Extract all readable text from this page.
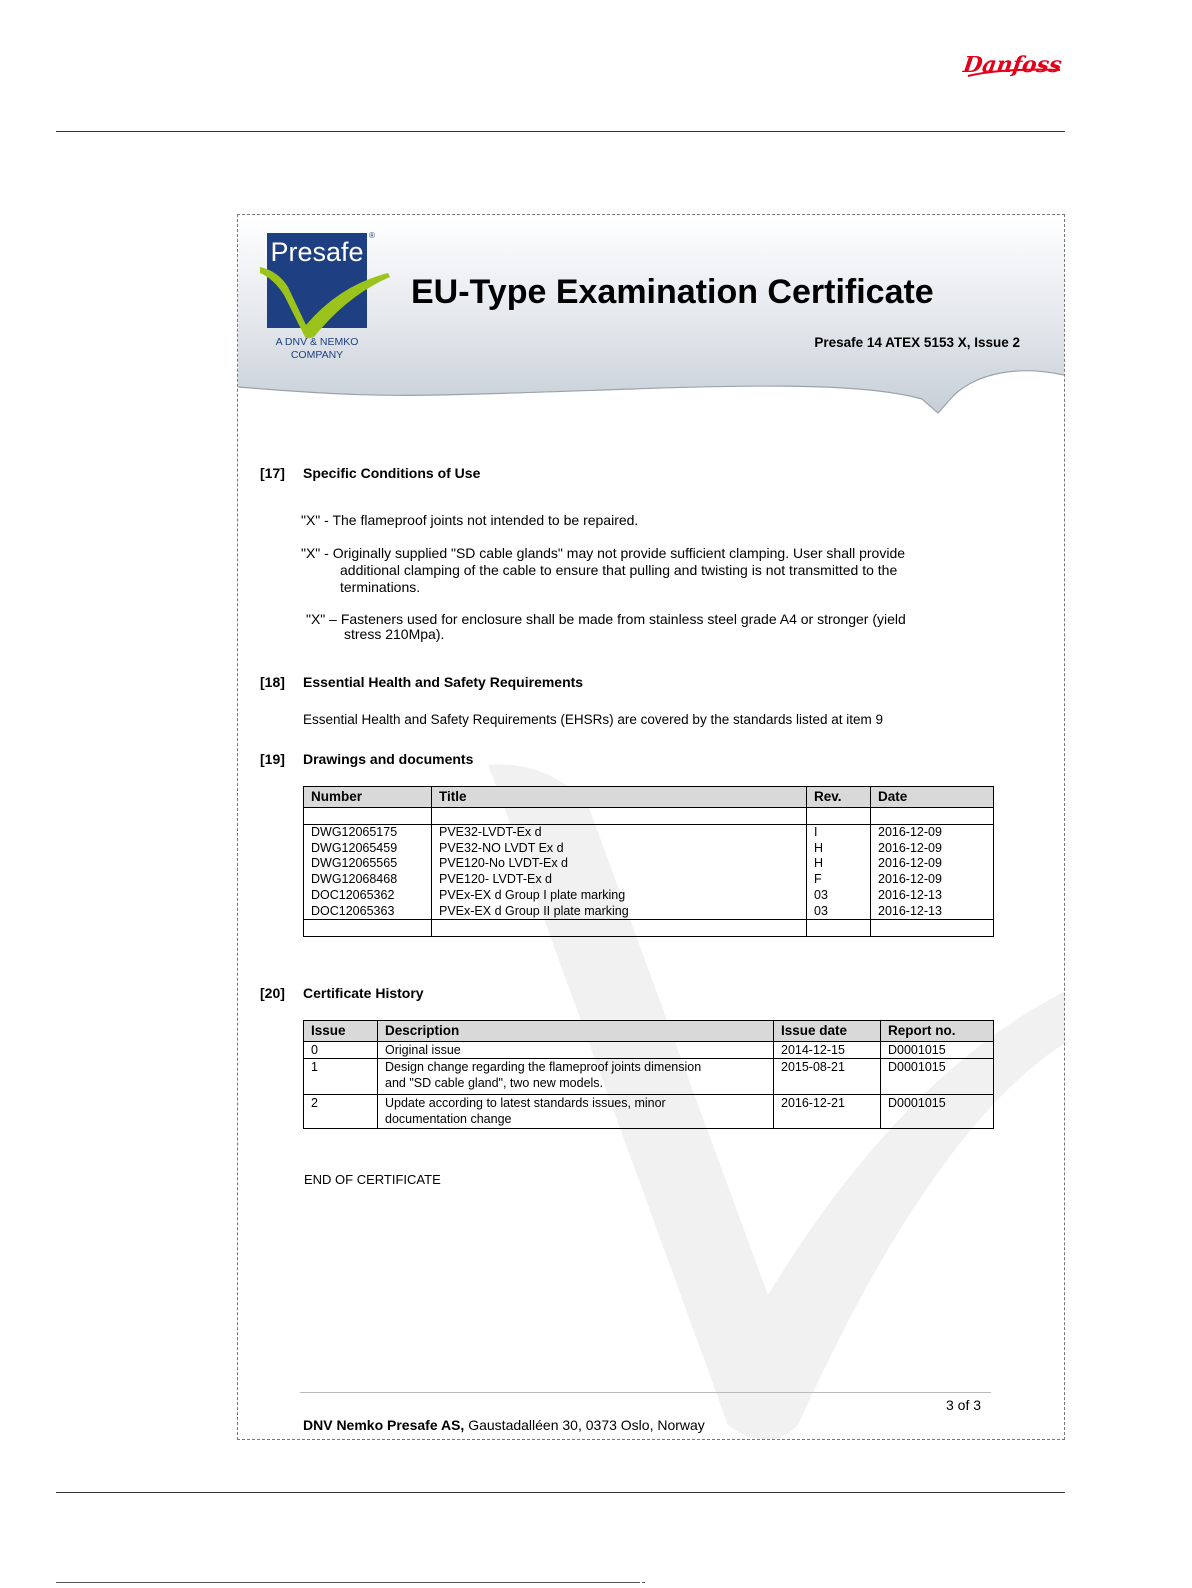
Danfoss
Presafe
®
A DNV & NEMKO
COMPANY
EU-Type Examination Certificate
Presafe 14 ATEX 5153 X, Issue 2
[17] Specific Conditions of Use
"X" - The flameproof joints not intended to be repaired.
"X" - Originally supplied "SD cable glands" may not provide sufficient clamping. User shall provide
additional clamping of the cable to ensure that pulling and twisting is not transmitted to the
terminations.
"X" – Fasteners used for enclosure shall be made from stainless steel grade A4 or stronger (yield
stress 210Mpa).
[18] Essential Health and Safety Requirements
Essential Health and Safety Requirements (EHSRs) are covered by the standards listed at item 9
[19] Drawings and documents
Number	Title	Rev.	Date

DWG12065175	PVE32-LVDT-Ex d	I	2016-12-09
DWG12065459	PVE32-NO LVDT Ex d	H	2016-12-09
DWG12065565	PVE120-No LVDT-Ex d	H	2016-12-09
DWG12068468	PVE120- LVDT-Ex d	F	2016-12-09
DOC12065362	PVEx-EX d Group I plate marking	03	2016-12-13
DOC12065363	PVEx-EX d Group II plate marking	03	2016-12-13

[20] Certificate History
Issue	Description	Issue date	Report no.
0	Original issue	2014-12-15	D0001015
1	Design change regarding the flameproof joints dimension and "SD cable gland", two new models.	2015-08-21	D0001015
2	Update according to latest standards issues, minor documentation change	2016-12-21	D0001015
END OF CERTIFICATE
3 of 3
DNV Nemko Presafe AS, Gaustadalléen 30, 0373 Oslo, Norway
